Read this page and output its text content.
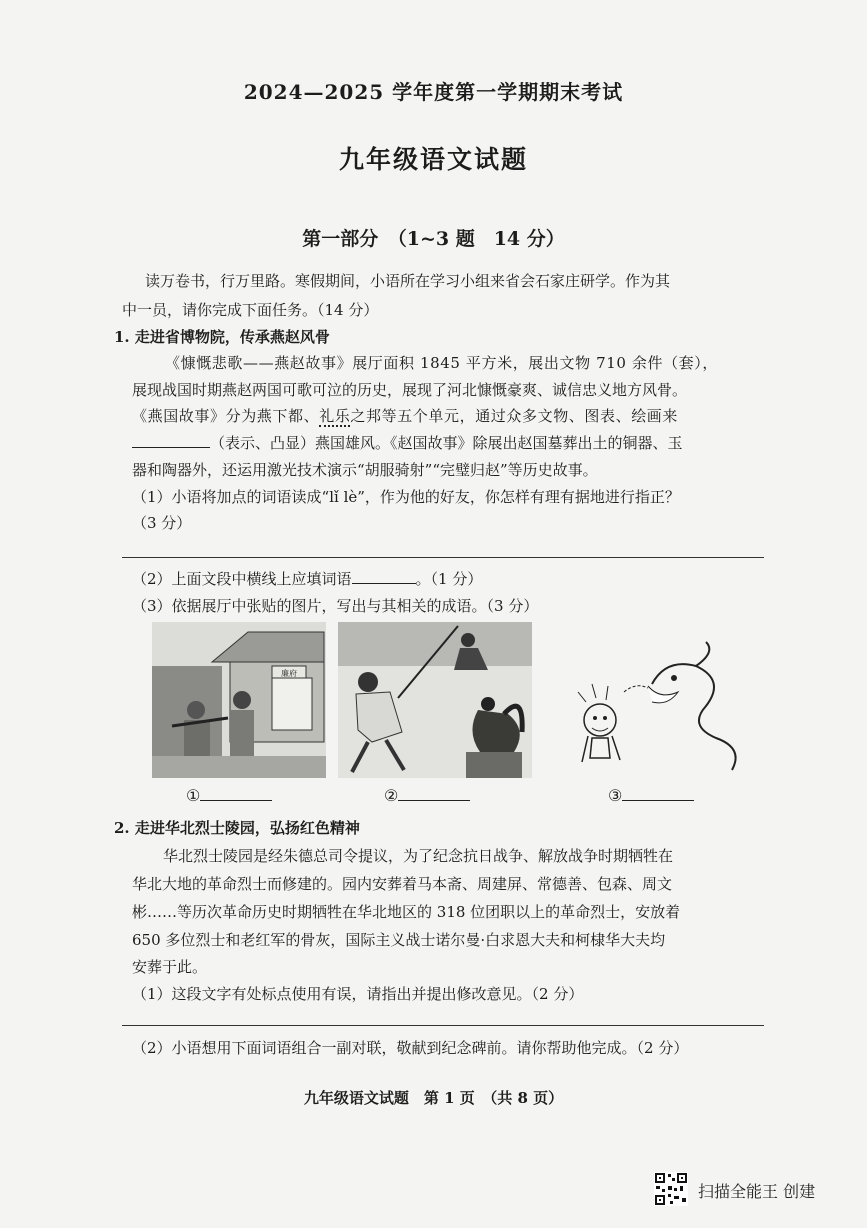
2024—2025 学年度第一学期期末考试
九年级语文试题
第一部分　（1~3 题　14 分）
读万卷书，行万里路。寒假期间，小语所在学习小组来省会石家庄研学。作为其
中一员，请你完成下面任务。（14 分）
1. 走进省博物院，传承燕赵风骨
《慷慨悲歌——燕赵故事》展厅面积 1845 平方米，展出文物 710 余件（套），
展现战国时期燕赵两国可歌可泣的历史，展现了河北慷慨豪爽、诚信忠义地方风骨。
《燕国故事》分为燕下都、礼乐之邦等五个单元，通过众多文物、图表、绘画来
（表示、凸显）燕国雄风。《赵国故事》除展出赵国墓葬出土的铜器、玉
器和陶器外，还运用激光技术演示“胡服骑射”“完璧归赵”等历史故事。
（1）小语将加点的词语读成“lǐ lè”，作为他的好友，你怎样有理有据地进行指正？
（3 分）
（2）上面文段中横线上应填词语	。（1 分）
（3）依据展厅中张贴的图片，写出与其相关的成语。（3 分）
廉府
①	②	③
2. 走进华北烈士陵园，弘扬红色精神
华北烈士陵园是经朱德总司令提议，为了纪念抗日战争、解放战争时期牺牲在
华北大地的革命烈士而修建的。园内安葬着马本斋、周建屏、常德善、包森、周文
彬……等历次革命历史时期牺牲在华北地区的 318 位团职以上的革命烈士，安放着
650 多位烈士和老红军的骨灰，国际主义战士诺尔曼·白求恩大夫和柯棣华大夫均
安葬于此。
（1）这段文字有处标点使用有误，请指出并提出修改意见。（2 分）
（2）小语想用下面词语组合一副对联，敬献到纪念碑前。请你帮助他完成。（2 分）
九年级语文试题　第 1 页　（共 8 页）
扫描全能王 创建
